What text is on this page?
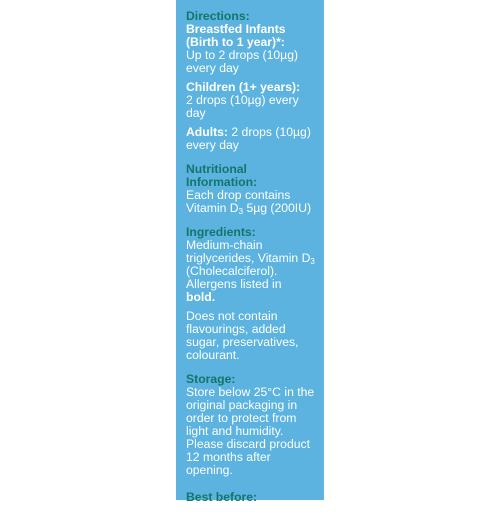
Directions:
Breastfed Infants (Birth to 1 year)*:
Up to 2 drops (10µg) every day
Children (1+ years):
2 drops (10µg) every day
Adults: 2 drops (10µg) every day
Nutritional Information:
Each drop contains Vitamin $D_3$ 5µg (200IU)
Ingredients:
Medium-chain triglycerides, Vitamin $D_3$ (Cholecalciferol). Allergens listed in
bold.
Does not contain flavourings, added sugar, preservatives, colourant.
Storage:
Store below 25°C in the original packaging in order to protect from light and humidity. Please discard product 12 months after opening.
Best before:
Please see bottom of carton.
